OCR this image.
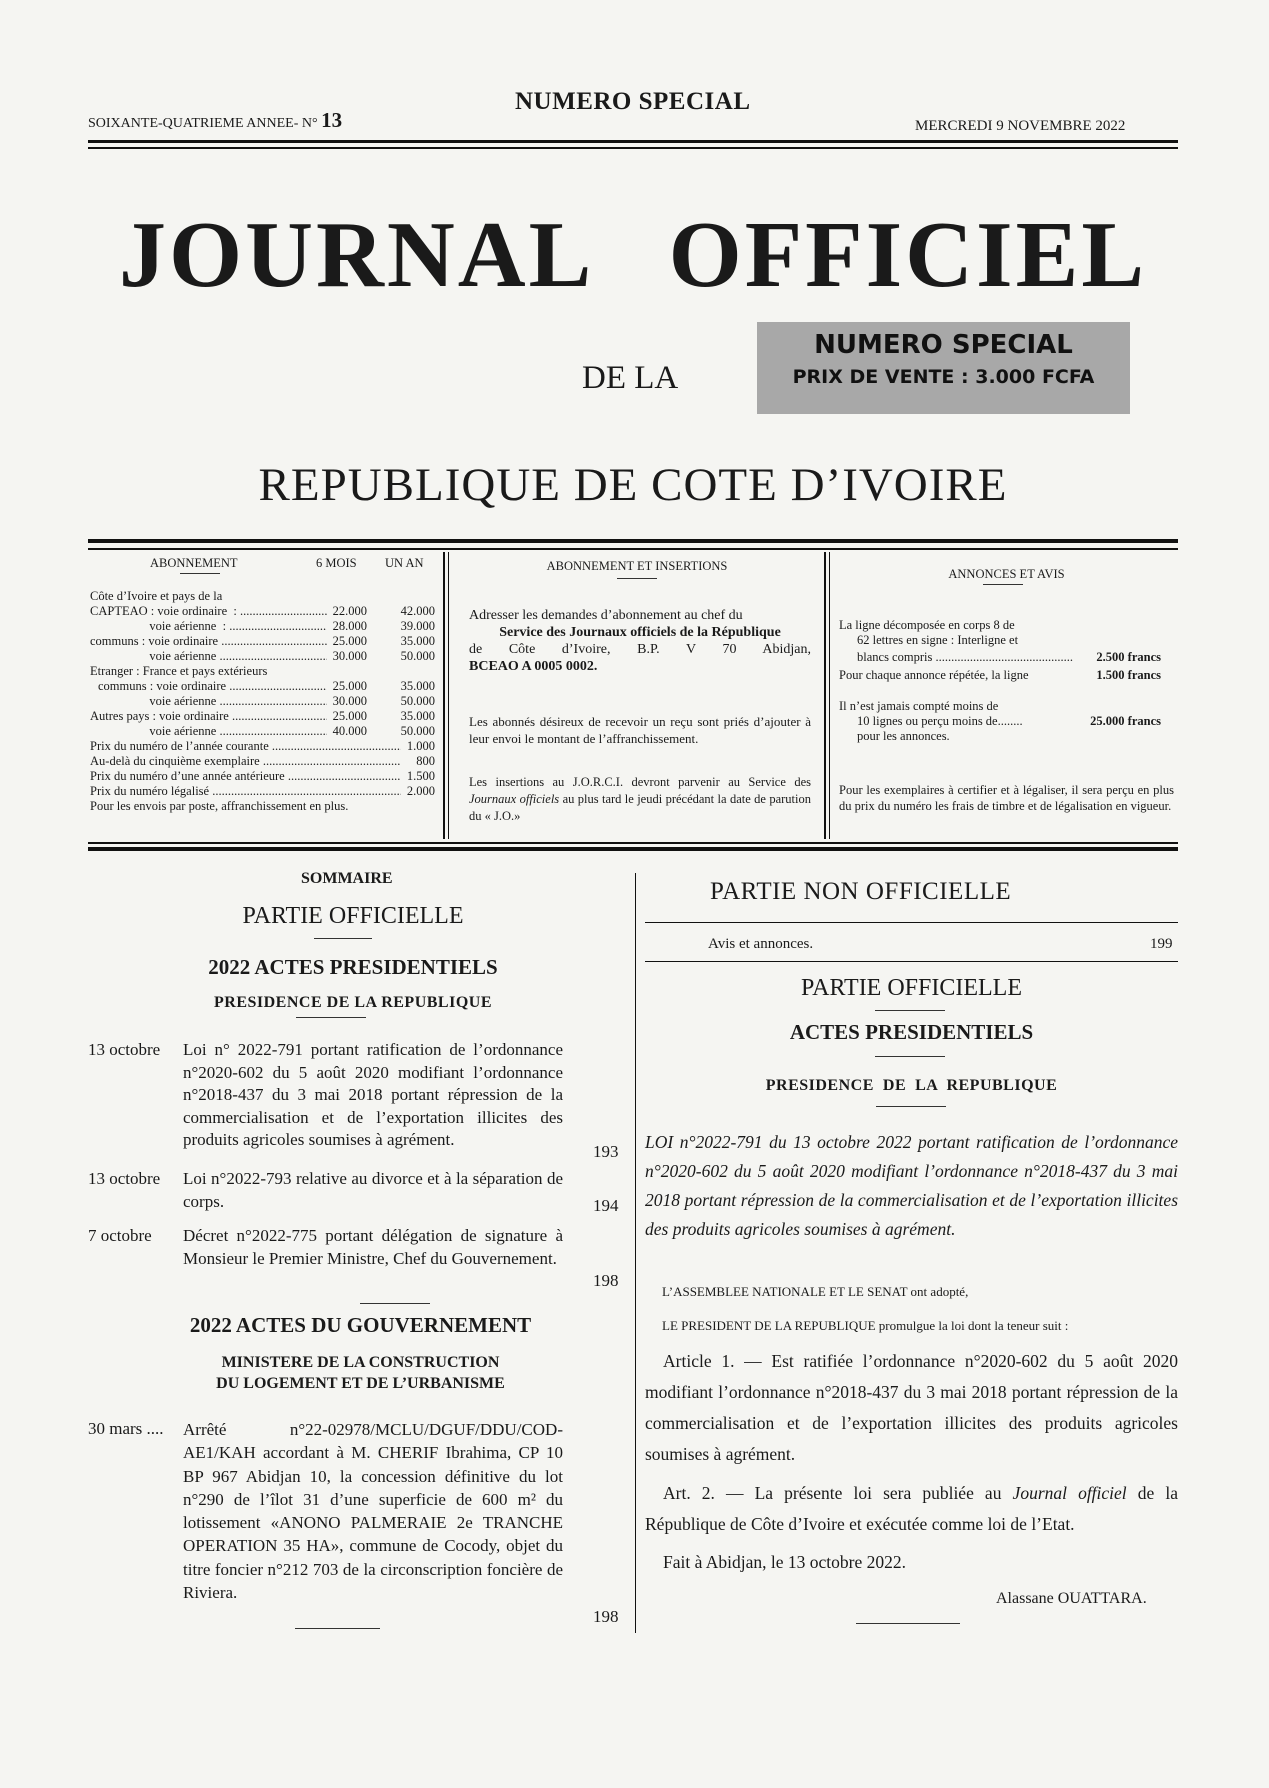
SOIXANTE-QUATRIEME ANNEE- N° 13
NUMERO SPECIAL
MERCREDI 9 NOVEMBRE 2022
JOURNAL   OFFICIEL
DE LA
NUMERO SPECIAL
PRIX DE VENTE : 3.000 FCFA
REPUBLIQUE DE COTE D’IVOIRE
ABONNEMENT	6 MOIS UN AN
Côte d’Ivoire et pays de la
CAPTEAO : voie ordinaire  : .....	22.000	42.000
voie aérienne  : .....	28.000	39.000
communs : voie ordinaire .....	25.000	35.000
voie aérienne .....	30.000	50.000
Etranger : France et pays extérieurs
communs : voie ordinaire .....	25.000	35.000
voie aérienne .....	30.000	50.000
Autres pays : voie ordinaire .....	25.000	35.000
voie aérienne .....	40.000	50.000
Prix du numéro de l’année courante .....	1.000
Au-delà du cinquième exemplaire .....	800
Prix du numéro d’une année antérieure .....	1.500
Prix du numéro légalisé .....	2.000
Pour les envois par poste, affranchissement en plus.
ABONNEMENT ET INSERTIONS
Adresser les demandes d’abonnement au chef du
Service des Journaux officiels de la République
de Côte d’Ivoire, B.P. V 70 Abidjan,
BCEAO A 0005 0002.
Les abonnés désireux de recevoir un reçu sont priés d’ajouter à leur envoi le montant de l’affranchissement.
Les insertions au J.O.R.C.I. devront parvenir au Service des Journaux officiels au plus tard le jeudi précédant la date de parution du « J.O.»
ANNONCES ET AVIS
La ligne décomposée en corps 8 de
62 lettres en signe : Interligne et
blancs compris .....	2.500 francs
Pour chaque annonce répétée, la ligne	1.500 francs
Il n’est jamais compté moins de
10 lignes ou perçu moins de........	25.000 francs
pour les annonces.
Pour les exemplaires à certifier et à légaliser, il sera perçu en plus du prix du numéro les frais de timbre et de légalisation en vigueur.
SOMMAIRE
PARTIE OFFICIELLE
2022 ACTES PRESIDENTIELS
PRESIDENCE DE LA REPUBLIQUE
13 octobre Loi n° 2022-791 portant ratification de l’ordonnance n°2020-602 du 5 août 2020 modifiant l’ordonnance n°2018-437 du 3 mai 2018 portant répression de la commercialisation et de l’exportation illicites des produits agricoles soumises à agrément.
193
13 octobre Loi n°2022-793 relative au divorce et à la séparation de corps.	194
7 octobre Décret n°2022-775 portant délégation de signature à Monsieur le Premier Ministre, Chef du Gouvernement.
198
2022 ACTES DU GOUVERNEMENT
MINISTERE DE LA CONSTRUCTION
DU LOGEMENT ET DE L’URBANISME
30 mars .... Arrêté n°22-02978/MCLU/DGUF/DDU/COD-AE1/KAH accordant à M. CHERIF Ibrahima, CP 10 BP 967 Abidjan 10, la concession définitive du lot n°290 de l’îlot 31 d’une superficie de 600 m² du lotissement «ANONO PALMERAIE 2e TRANCHE OPERATION 35 HA», commune de Cocody, objet du titre foncier n°212 703 de la circonscription foncière de Riviera.
198
PARTIE NON OFFICIELLE
Avis et annonces.	199
PARTIE OFFICIELLE
ACTES PRESIDENTIELS
PRESIDENCE  DE  LA  REPUBLIQUE
LOI n°2022-791 du 13 octobre 2022 portant ratification de l’ordonnance n°2020-602 du 5 août 2020 modifiant l’ordonnance n°2018-437 du 3 mai 2018 portant répression de la commercialisation et de l’exportation illicites des produits agricoles soumises à agrément.
L’ASSEMBLEE NATIONALE ET LE SENAT ont adopté,
LE PRESIDENT DE LA REPUBLIQUE promulgue la loi dont la teneur suit :
Article 1. — Est ratifiée l’ordonnance n°2020-602 du 5 août 2020 modifiant l’ordonnance n°2018-437 du 3 mai 2018 portant répression de la commercialisation et de l’exportation illicites des produits agricoles soumises à agrément.
Art. 2. — La présente loi sera publiée au Journal officiel de la République de Côte d’Ivoire et exécutée comme loi de l’Etat.
Fait à Abidjan, le 13 octobre 2022.
Alassane OUATTARA.
